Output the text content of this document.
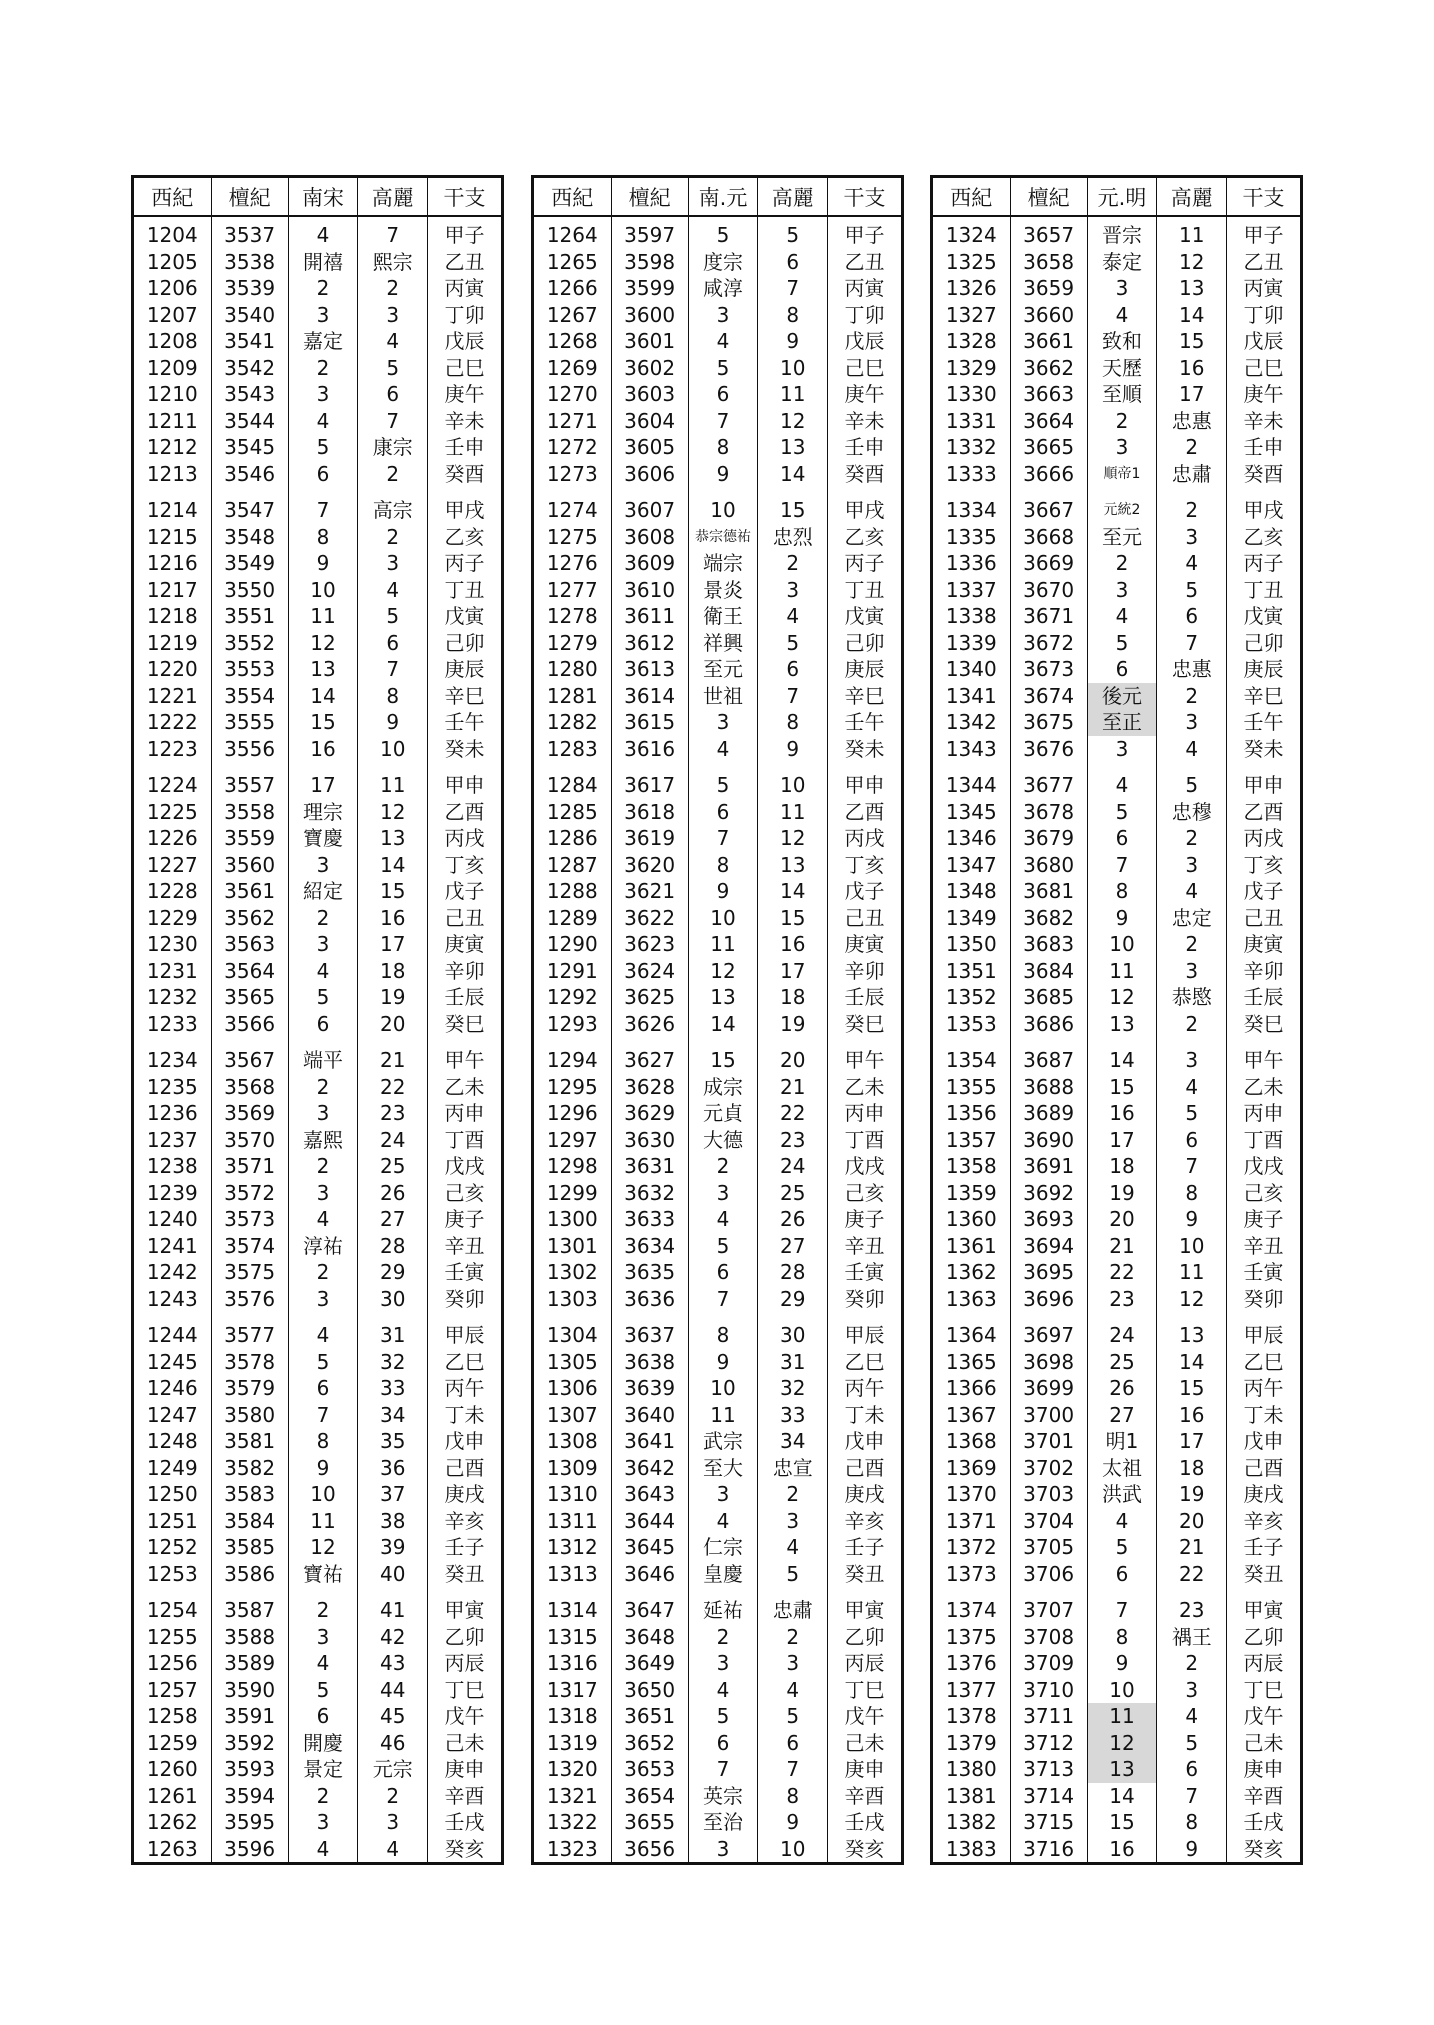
西紀	檀紀	南宋	高麗	干支
1204	3537	4	7	甲子
1205	3538	開禧	熙宗	乙丑
1206	3539	2	2	丙寅
1207	3540	3	3	丁卯
1208	3541	嘉定	4	戊辰
1209	3542	2	5	己巳
1210	3543	3	6	庚午
1211	3544	4	7	辛未
1212	3545	5	康宗	壬申
1213	3546	6	2	癸酉
1214	3547	7	高宗	甲戌
1215	3548	8	2	乙亥
1216	3549	9	3	丙子
1217	3550	10	4	丁丑
1218	3551	11	5	戊寅
1219	3552	12	6	己卯
1220	3553	13	7	庚辰
1221	3554	14	8	辛巳
1222	3555	15	9	壬午
1223	3556	16	10	癸未
1224	3557	17	11	甲申
1225	3558	理宗	12	乙酉
1226	3559	寶慶	13	丙戌
1227	3560	3	14	丁亥
1228	3561	紹定	15	戊子
1229	3562	2	16	己丑
1230	3563	3	17	庚寅
1231	3564	4	18	辛卯
1232	3565	5	19	壬辰
1233	3566	6	20	癸巳
1234	3567	端平	21	甲午
1235	3568	2	22	乙未
1236	3569	3	23	丙申
1237	3570	嘉熙	24	丁酉
1238	3571	2	25	戊戌
1239	3572	3	26	己亥
1240	3573	4	27	庚子
1241	3574	淳祐	28	辛丑
1242	3575	2	29	壬寅
1243	3576	3	30	癸卯
1244	3577	4	31	甲辰
1245	3578	5	32	乙巳
1246	3579	6	33	丙午
1247	3580	7	34	丁未
1248	3581	8	35	戊申
1249	3582	9	36	己酉
1250	3583	10	37	庚戌
1251	3584	11	38	辛亥
1252	3585	12	39	壬子
1253	3586	寶祐	40	癸丑
1254	3587	2	41	甲寅
1255	3588	3	42	乙卯
1256	3589	4	43	丙辰
1257	3590	5	44	丁巳
1258	3591	6	45	戊午
1259	3592	開慶	46	己未
1260	3593	景定	元宗	庚申
1261	3594	2	2	辛酉
1262	3595	3	3	壬戌
1263	3596	4	4	癸亥
西紀	檀紀	南.元	高麗	干支
1264	3597	5	5	甲子
1265	3598	度宗	6	乙丑
1266	3599	咸淳	7	丙寅
1267	3600	3	8	丁卯
1268	3601	4	9	戊辰
1269	3602	5	10	己巳
1270	3603	6	11	庚午
1271	3604	7	12	辛未
1272	3605	8	13	壬申
1273	3606	9	14	癸酉
1274	3607	10	15	甲戌
1275	3608	恭宗德祐	忠烈	乙亥
1276	3609	端宗	2	丙子
1277	3610	景炎	3	丁丑
1278	3611	衛王	4	戊寅
1279	3612	祥興	5	己卯
1280	3613	至元	6	庚辰
1281	3614	世祖	7	辛巳
1282	3615	3	8	壬午
1283	3616	4	9	癸未
1284	3617	5	10	甲申
1285	3618	6	11	乙酉
1286	3619	7	12	丙戌
1287	3620	8	13	丁亥
1288	3621	9	14	戊子
1289	3622	10	15	己丑
1290	3623	11	16	庚寅
1291	3624	12	17	辛卯
1292	3625	13	18	壬辰
1293	3626	14	19	癸巳
1294	3627	15	20	甲午
1295	3628	成宗	21	乙未
1296	3629	元貞	22	丙申
1297	3630	大德	23	丁酉
1298	3631	2	24	戊戌
1299	3632	3	25	己亥
1300	3633	4	26	庚子
1301	3634	5	27	辛丑
1302	3635	6	28	壬寅
1303	3636	7	29	癸卯
1304	3637	8	30	甲辰
1305	3638	9	31	乙巳
1306	3639	10	32	丙午
1307	3640	11	33	丁未
1308	3641	武宗	34	戊申
1309	3642	至大	忠宣	己酉
1310	3643	3	2	庚戌
1311	3644	4	3	辛亥
1312	3645	仁宗	4	壬子
1313	3646	皇慶	5	癸丑
1314	3647	延祐	忠肅	甲寅
1315	3648	2	2	乙卯
1316	3649	3	3	丙辰
1317	3650	4	4	丁巳
1318	3651	5	5	戊午
1319	3652	6	6	己未
1320	3653	7	7	庚申
1321	3654	英宗	8	辛酉
1322	3655	至治	9	壬戌
1323	3656	3	10	癸亥
西紀	檀紀	元.明	高麗	干支
1324	3657	晋宗	11	甲子
1325	3658	泰定	12	乙丑
1326	3659	3	13	丙寅
1327	3660	4	14	丁卯
1328	3661	致和	15	戊辰
1329	3662	天歷	16	己巳
1330	3663	至順	17	庚午
1331	3664	2	忠惠	辛未
1332	3665	3	2	壬申
1333	3666	順帝1	忠肅	癸酉
1334	3667	元統2	2	甲戌
1335	3668	至元	3	乙亥
1336	3669	2	4	丙子
1337	3670	3	5	丁丑
1338	3671	4	6	戊寅
1339	3672	5	7	己卯
1340	3673	6	忠惠	庚辰
1341	3674	後元	2	辛巳
1342	3675	至正	3	壬午
1343	3676	3	4	癸未
1344	3677	4	5	甲申
1345	3678	5	忠穆	乙酉
1346	3679	6	2	丙戌
1347	3680	7	3	丁亥
1348	3681	8	4	戊子
1349	3682	9	忠定	己丑
1350	3683	10	2	庚寅
1351	3684	11	3	辛卯
1352	3685	12	恭愍	壬辰
1353	3686	13	2	癸巳
1354	3687	14	3	甲午
1355	3688	15	4	乙未
1356	3689	16	5	丙申
1357	3690	17	6	丁酉
1358	3691	18	7	戊戌
1359	3692	19	8	己亥
1360	3693	20	9	庚子
1361	3694	21	10	辛丑
1362	3695	22	11	壬寅
1363	3696	23	12	癸卯
1364	3697	24	13	甲辰
1365	3698	25	14	乙巳
1366	3699	26	15	丙午
1367	3700	27	16	丁未
1368	3701	明1	17	戊申
1369	3702	太祖	18	己酉
1370	3703	洪武	19	庚戌
1371	3704	4	20	辛亥
1372	3705	5	21	壬子
1373	3706	6	22	癸丑
1374	3707	7	23	甲寅
1375	3708	8	禑王	乙卯
1376	3709	9	2	丙辰
1377	3710	10	3	丁巳
1378	3711	11	4	戊午
1379	3712	12	5	己未
1380	3713	13	6	庚申
1381	3714	14	7	辛酉
1382	3715	15	8	壬戌
1383	3716	16	9	癸亥
